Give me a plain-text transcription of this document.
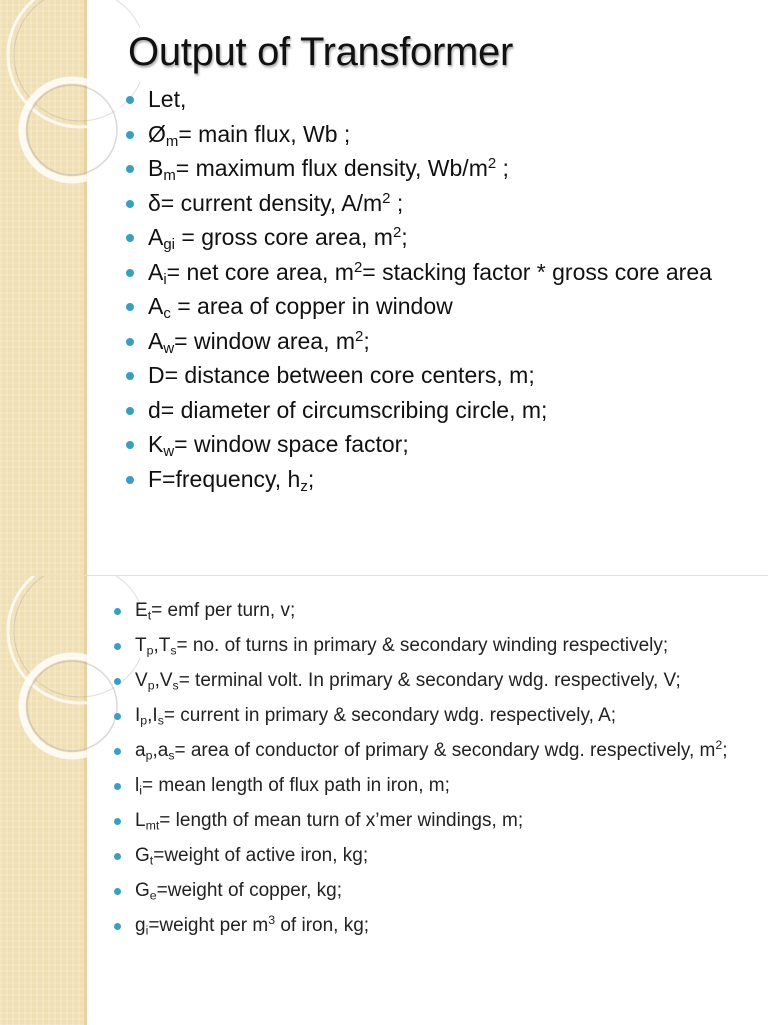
Output of Transformer
Let,
$Ø_m=$ main flux, Wb ;
$B_m=$ maximum flux density, $Wb/m^2$ ;
δ= current density, $A/m^2$ ;
$A_{gi}$ = gross core area, $m^2$;
$A_i=$ net core area, $m^2=$ stacking factor * gross core area
$A_c$ = area of copper in window
$A_w=$ window area, $m^2$;
D= distance between core centers, m;
d= diameter of circumscribing circle, m;
$K_w=$ window space factor;
F=frequency, $h_z$;
$E_t=$ emf per turn, v;
$T_p,T_s=$ no. of turns in primary & secondary winding respectively;
$V_p,V_s=$ terminal volt. In primary & secondary wdg. respectively, V;
$I_p,I_s=$ current in primary & secondary wdg. respectively, A;
$a_p,a_s=$ area of conductor of primary & secondary wdg. respectively, $m^2$;
$l_i=$ mean length of flux path in iron, m;
$L_{mt}=$ length of mean turn of x’mer windings, m;
$G_t=weight$ of active iron, kg;
$G_e=weight$ of copper, kg;
$g_i=weight$ per $m^3$ of iron, kg;
